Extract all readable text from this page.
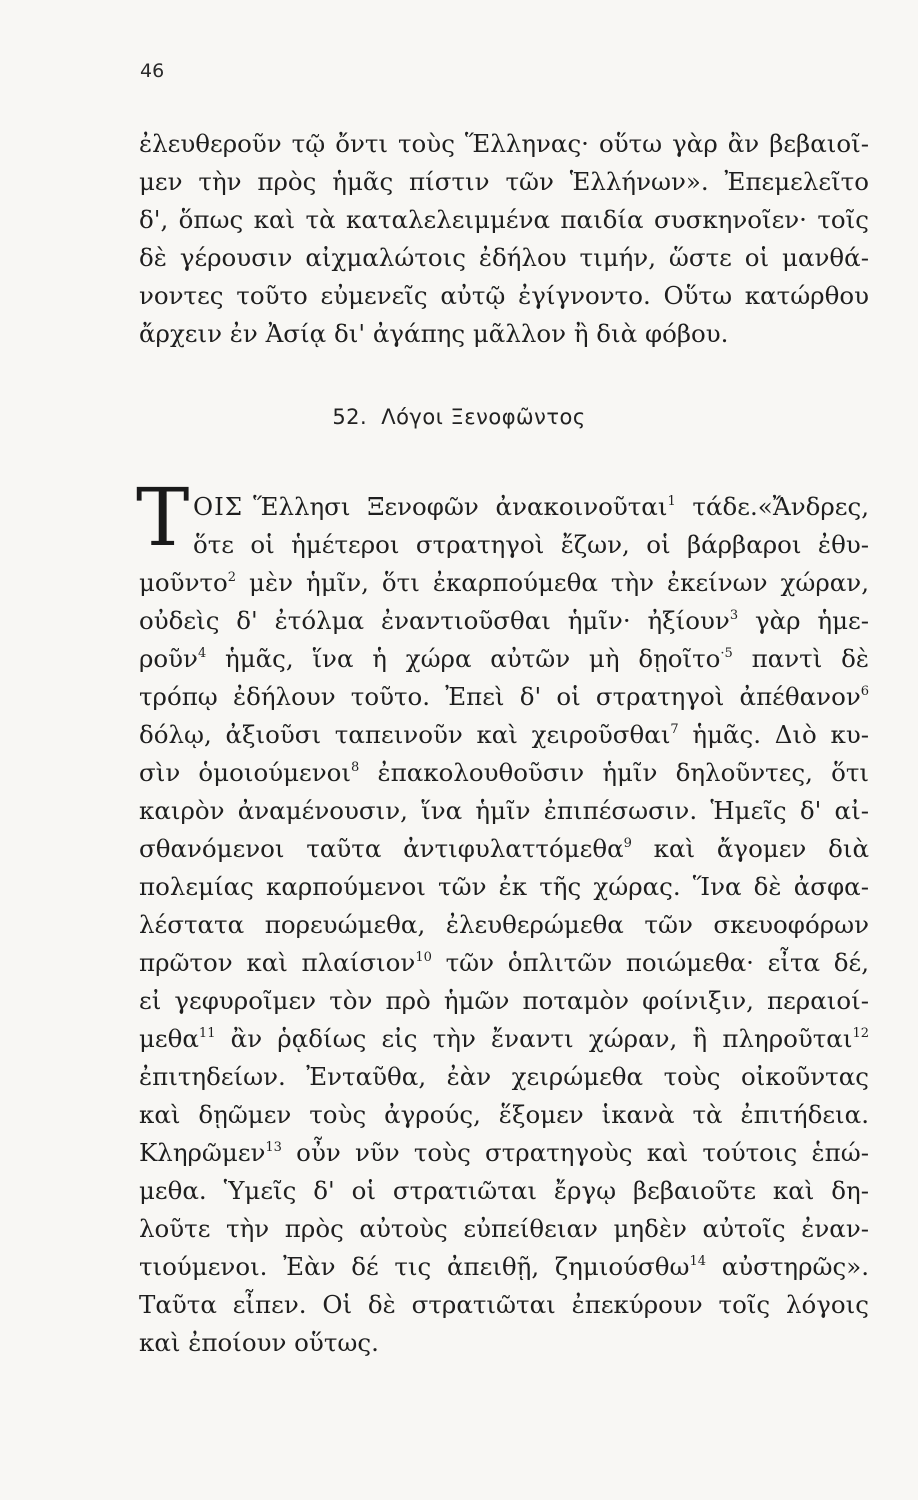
46
ἐλευθεροῦν τῷ ὄντι τοὺς Ἕλληνας· οὕτω γὰρ ἂν βεβαιοῖ-
μεν τὴν πρὸς ἡμᾶς πίστιν τῶν Ἑλλήνων». Ἐπεμελεῖτο
δ', ὅπως καὶ τὰ καταλελειμμένα παιδία συσκηνοῖεν· τοῖς
δὲ γέρουσιν αἰχμαλώτοις ἐδήλου τιμήν, ὥστε οἱ μανθά-
νοντες τοῦτο εὐμενεῖς αὐτῷ ἐγίγνοντο. Οὕτω κατώρθου
ἄρχειν ἐν Ἀσίᾳ δι' ἀγάπης μᾶλλον ἢ διὰ φόβου.
52. Λόγοι Ξενοφῶντος
Τ ΟΙΣ Ἕλλησι Ξενοφῶν ἀνακοινοῦται$^1$ τάδε.«Ἄνδρες,
ὅτε οἱ ἡμέτεροι στρατηγοὶ ἔζων, οἱ βάρβαροι ἐθυ-
μοῦντο$^2$ μὲν ἡμῖν, ὅτι ἐκαρπούμεθα τὴν ἐκείνων χώραν,
οὐδεὶς δ' ἐτόλμα ἐναντιοῦσθαι ἡμῖν· ἠξίουν$^3$ γὰρ ἡμε-
ροῦν$^4$ ἡμᾶς, ἵνα ἡ χώρα αὐτῶν μὴ δῃοῖτο$^{\cdot 5}$ παντὶ δὲ
τρόπῳ ἐδήλουν τοῦτο. Ἐπεὶ δ' οἱ στρατηγοὶ ἀπέθανον$^6$
δόλῳ, ἀξιοῦσι ταπεινοῦν καὶ χειροῦσθαι$^7$ ἡμᾶς. Διὸ κυ-
σὶν ὁμοιούμενοι$^8$ ἐπακολουθοῦσιν ἡμῖν δηλοῦντες, ὅτι
καιρὸν ἀναμένουσιν, ἵνα ἡμῖν ἐπιπέσωσιν. Ἡμεῖς δ' αἰ-
σθανόμενοι ταῦτα ἀντιφυλαττόμεθα$^9$ καὶ ἄγομεν διὰ
πολεμίας καρπούμενοι τῶν ἐκ τῆς χώρας. Ἵνα δὲ ἀσφα-
λέστατα πορευώμεθα, ἐλευθερώμεθα τῶν σκευοφόρων
πρῶτον καὶ πλαίσιον$^{10}$ τῶν ὁπλιτῶν ποιώμεθα· εἶτα δέ,
εἰ γεφυροῖμεν τὸν πρὸ ἡμῶν ποταμὸν φοίνιξιν, περαιοί-
μεθα$^{11}$ ἂν ῥᾳδίως εἰς τὴν ἔναντι χώραν, ἣ πληροῦται$^{12}$
ἐπιτηδείων. Ἐνταῦθα, ἐὰν χειρώμεθα τοὺς οἰκοῦντας
καὶ δῃῶμεν τοὺς ἀγρούς, ἕξομεν ἱκανὰ τὰ ἐπιτήδεια.
Κληρῶμεν$^{13}$ οὖν νῦν τοὺς στρατηγοὺς καὶ τούτοις ἑπώ-
μεθα. Ὑμεῖς δ' οἱ στρατιῶται ἔργῳ βεβαιοῦτε καὶ δη-
λοῦτε τὴν πρὸς αὐτοὺς εὐπείθειαν μηδὲν αὐτοῖς ἐναν-
τιούμενοι. Ἐὰν δέ τις ἀπειθῇ, ζημιούσθω$^{14}$ αὐστηρῶς».
Ταῦτα εἶπεν. Οἱ δὲ στρατιῶται ἐπεκύρουν τοῖς λόγοις
καὶ ἐποίουν οὕτως.
